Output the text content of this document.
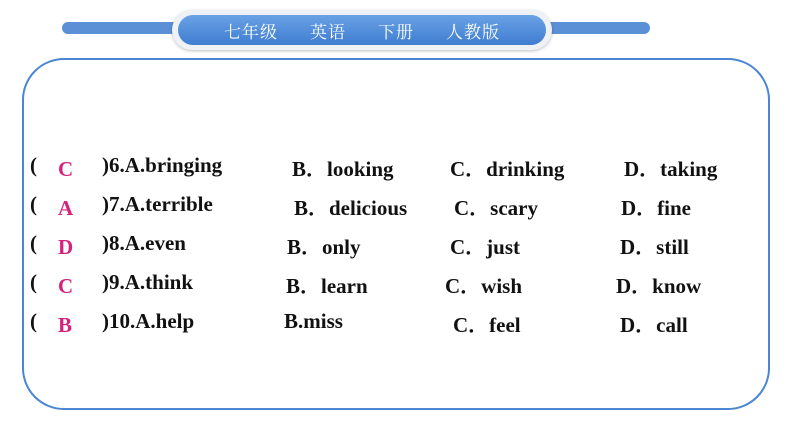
七年级 英语 下册 人教版
( C )6.A.bringing	B．looking	C．drinking	D．taking
( A )7.A.terrible	B．delicious C．scary	D．fine
( D )8.A.even	B．only	C．just	D．still
( C )9.A.think	B．learn	C．wish	D．know
( B )10.A.help	B.miss	C．feel	D．call
